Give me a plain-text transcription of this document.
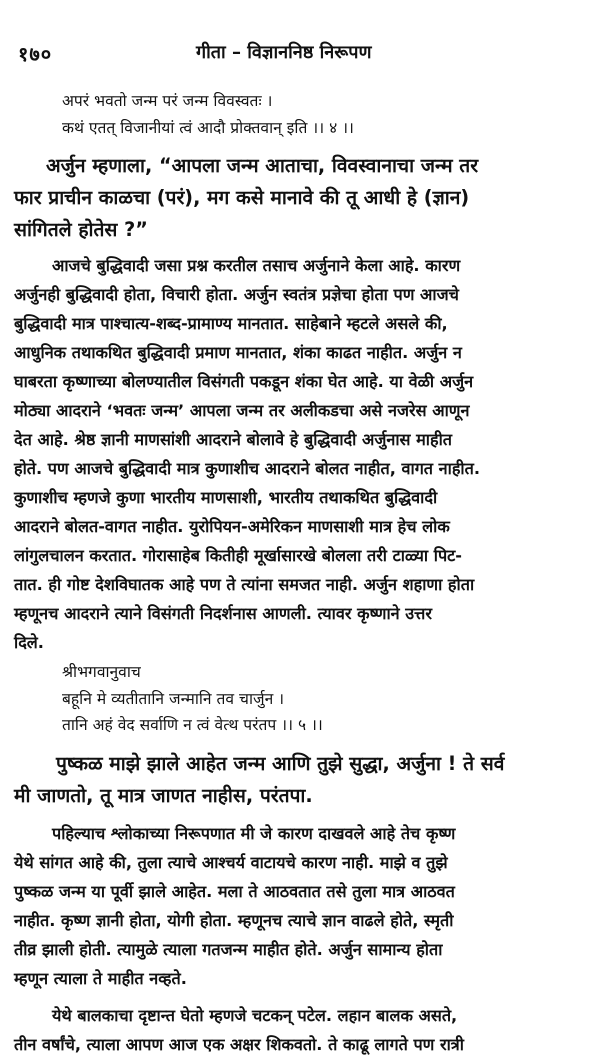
१७०	गीता – विज्ञाननिष्ठ निरूपण
अपरं भवतो जन्म परं जन्म विवस्वतः ।
कथं एतत् विजानीयां त्वं आदौ प्रोक्तवान् इति ।। ४ ।।
अर्जुन म्हणाला, “आपला जन्म आताचा, विवस्वानाचा जन्म तर
फार प्राचीन काळचा (परं), मग कसे मानावे की तू आधी हे (ज्ञान)
सांगितले होतेस ?”
आजचे बुद्धिवादी जसा प्रश्न करतील तसाच अर्जुनाने केला आहे. कारण
अर्जुनही बुद्धिवादी होता, विचारी होता. अर्जुन स्वतंत्र प्रज्ञेचा होता पण आजचे
बुद्धिवादी मात्र पाश्चात्य-शब्द-प्रामाण्य मानतात. साहेबाने म्हटले असले की,
आधुनिक तथाकथित बुद्धिवादी प्रमाण मानतात, शंका काढत नाहीत. अर्जुन न
घाबरता कृष्णाच्या बोलण्यातील विसंगती पकडून शंका घेत आहे. या वेळी अर्जुन
मोठ्या आदराने ‘भवतः जन्म’ आपला जन्म तर अलीकडचा असे नजरेस आणून
देत आहे. श्रेष्ठ ज्ञानी माणसांशी आदराने बोलावे हे बुद्धिवादी अर्जुनास माहीत
होते. पण आजचे बुद्धिवादी मात्र कुणाशीच आदराने बोलत नाहीत, वागत नाहीत.
कुणाशीच म्हणजे कुणा भारतीय माणसाशी, भारतीय तथाकथित बुद्धिवादी
आदराने बोलत-वागत नाहीत. युरोपियन-अमेरिकन माणसाशी मात्र हेच लोक
लांगुलचालन करतात. गोरासाहेब कितीही मूर्खासारखे बोलला तरी टाळ्या पिट-
तात. ही गोष्ट देशविघातक आहे पण ते त्यांना समजत नाही. अर्जुन शहाणा होता
म्हणूनच आदराने त्याने विसंगती निदर्शनास आणली. त्यावर कृष्णाने उत्तर
दिले.
श्रीभगवानुवाच
बहूनि मे व्यतीतानि जन्मानि तव चार्जुन ।
तानि अहं वेद सर्वाणि न त्वं वेत्थ परंतप ।। ५ ।।
पुष्कळ माझे झाले आहेत जन्म आणि तुझे सुद्धा, अर्जुना ! ते सर्व
मी जाणतो, तू मात्र जाणत नाहीस, परंतपा.
पहिल्याच श्लोकाच्या निरूपणात मी जे कारण दाखवले आहे तेच कृष्ण
येथे सांगत आहे की, तुला त्याचे आश्चर्य वाटायचे कारण नाही. माझे व तुझे
पुष्कळ जन्म या पूर्वी झाले आहेत. मला ते आठवतात तसे तुला मात्र आठवत
नाहीत. कृष्ण ज्ञानी होता, योगी होता. म्हणूनच त्याचे ज्ञान वाढले होते, स्मृती
तीव्र झाली होती. त्यामुळे त्याला गतजन्म माहीत होते. अर्जुन सामान्य होता
म्हणून त्याला ते माहीत नव्हते.
येथे बालकाचा दृष्टान्त घेतो म्हणजे चटकन् पटेल. लहान बालक असते,
तीन वर्षांचे, त्याला आपण आज एक अक्षर शिकवतो. ते काढू लागते पण रात्री
